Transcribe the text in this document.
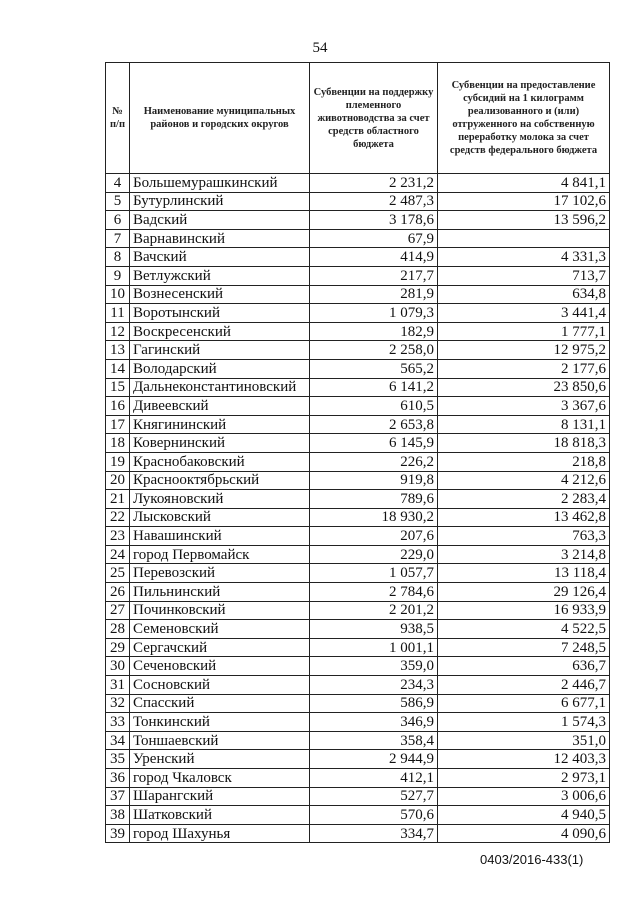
54
№ п/п	Наименование муниципальных районов и городских округов	Субвенции на поддержку племенного животноводства за счет средств областного бюджета	Субвенции на предоставление субсидий на 1 килограмм реализованного и (или) отгруженного на собственную переработку молока за счет средств федерального бюджета
4	Большемурашкинский	2 231,2	4 841,1
5	Бутурлинский	2 487,3	17 102,6
6	Вадский	3 178,6	13 596,2
7	Варнавинский	67,9	
8	Вачский	414,9	4 331,3
9	Ветлужский	217,7	713,7
10	Вознесенский	281,9	634,8
11	Воротынский	1 079,3	3 441,4
12	Воскресенский	182,9	1 777,1
13	Гагинский	2 258,0	12 975,2
14	Володарский	565,2	2 177,6
15	Дальнеконстантиновский	6 141,2	23 850,6
16	Дивеевский	610,5	3 367,6
17	Княгининский	2 653,8	8 131,1
18	Ковернинский	6 145,9	18 818,3
19	Краснобаковский	226,2	218,8
20	Краснооктябрьский	919,8	4 212,6
21	Лукояновский	789,6	2 283,4
22	Лысковский	18 930,2	13 462,8
23	Навашинский	207,6	763,3
24	город Первомайск	229,0	3 214,8
25	Перевозский	1 057,7	13 118,4
26	Пильнинский	2 784,6	29 126,4
27	Починковский	2 201,2	16 933,9
28	Семеновский	938,5	4 522,5
29	Сергачский	1 001,1	7 248,5
30	Сеченовский	359,0	636,7
31	Сосновский	234,3	2 446,7
32	Спасский	586,9	6 677,1
33	Тонкинский	346,9	1 574,3
34	Тоншаевский	358,4	351,0
35	Уренский	2 944,9	12 403,3
36	город Чкаловск	412,1	2 973,1
37	Шарангский	527,7	3 006,6
38	Шатковский	570,6	4 940,5
39	город Шахунья	334,7	4 090,6
0403/2016-433(1)
